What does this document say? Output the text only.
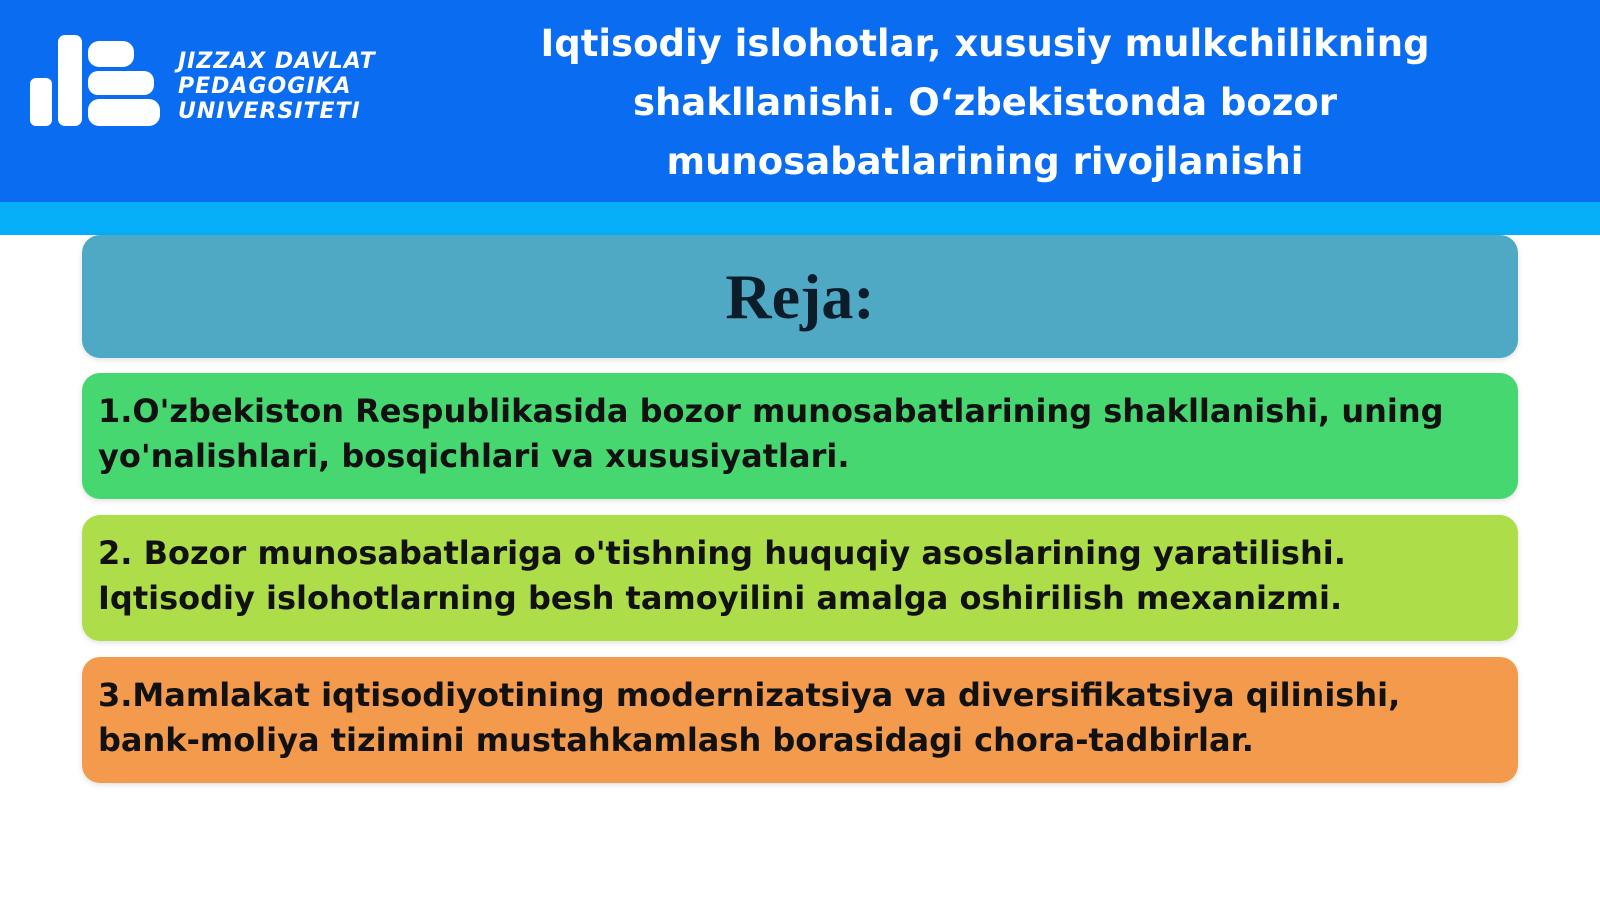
JIZZAX DAVLAT
PEDAGOGIKA
UNIVERSITETI
Iqtisodiy islohotlar, xususiy mulkchilikning shakllanishi. Oʻzbekistonda bozor munosabatlarining rivojlanishi
Reja:
1.O'zbekiston Respublikasida bozor munosabatlarining shakllanishi, uning yo'nalishlari, bosqichlari va xususiyatlari.
2. Bozor munosabatlariga o'tishning huquqiy asoslarining yaratilishi. Iqtisodiy islohotlarning besh tamoyilini amalga oshirilish mexanizmi.
3.Mamlakat iqtisodiyotining modernizatsiya va diversifikatsiya qilinishi, bank-moliya tizimini mustahkamlash borasidagi chora-tadbirlar.
